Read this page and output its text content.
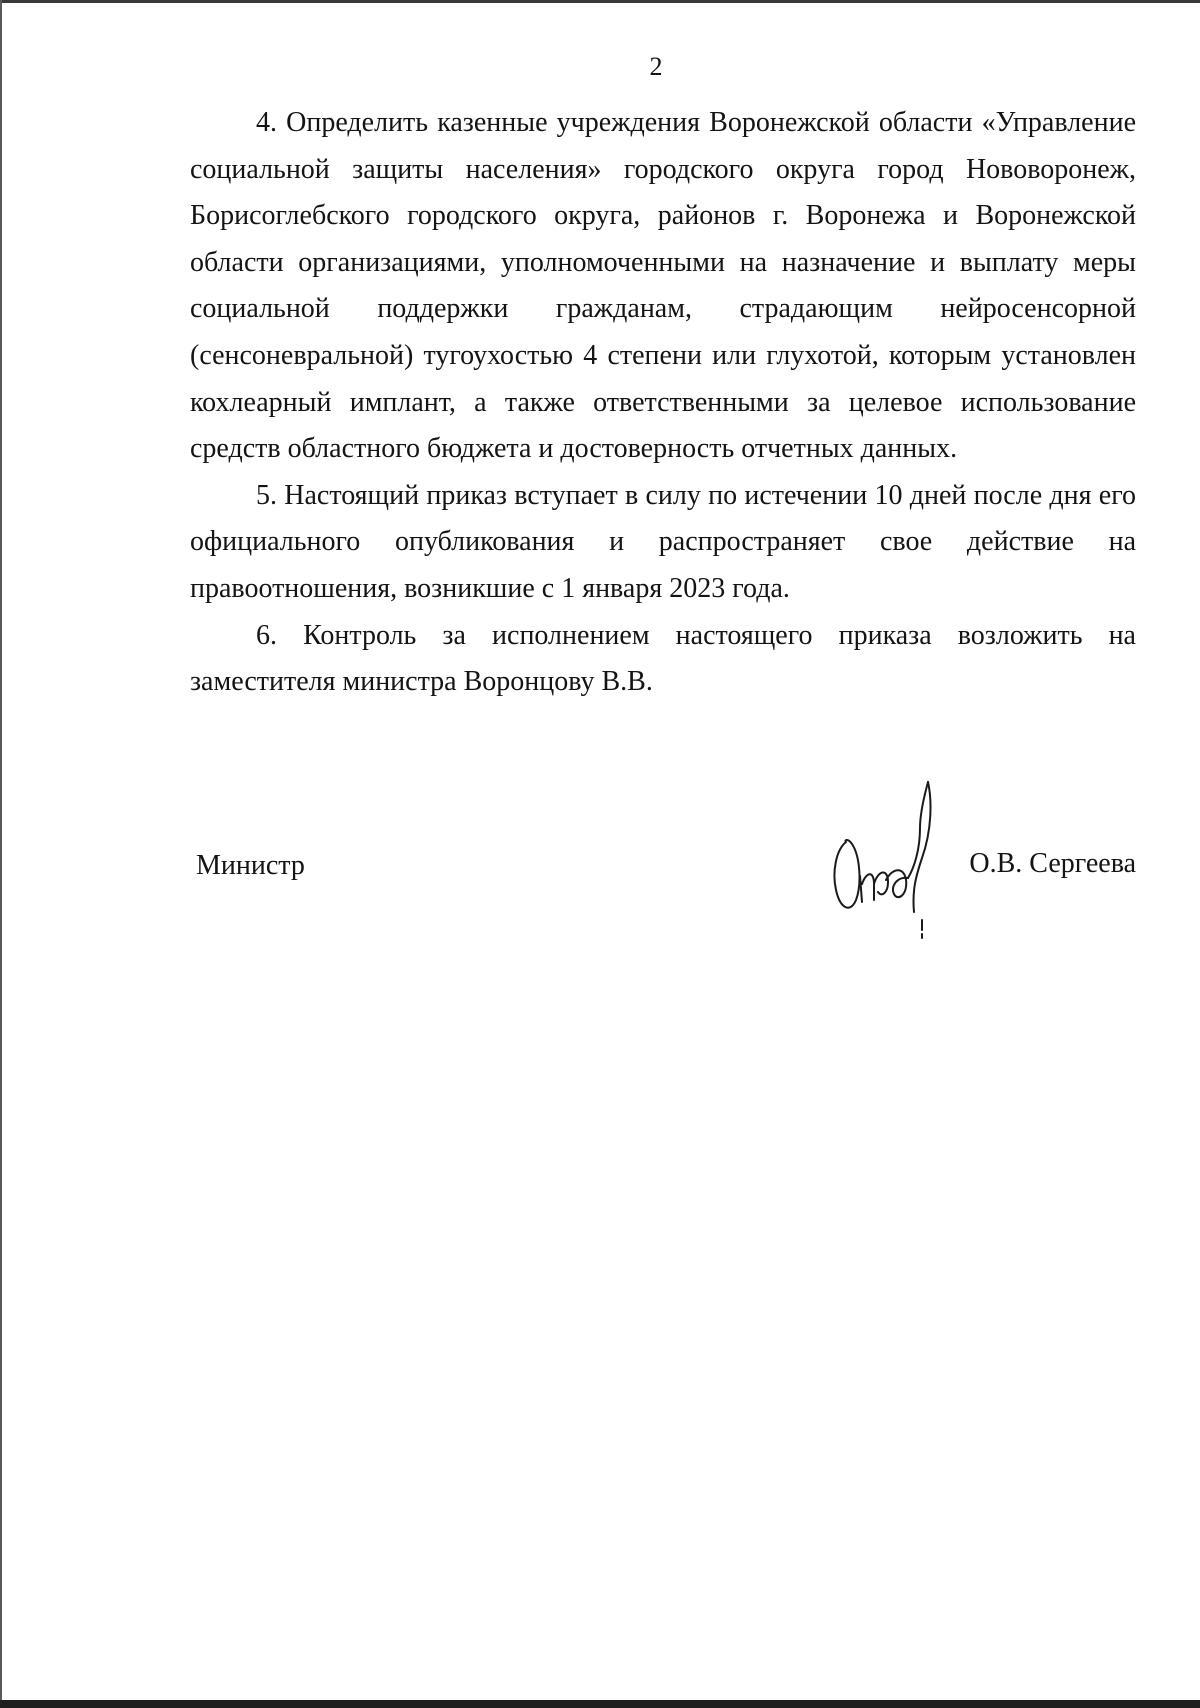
2

4. Определить казенные учреждения Воронежской области «Управление социальной защиты населения» городского округа город Нововоронеж, Борисоглебского городского округа, районов г. Воронежа и Воронежской области организациями, уполномоченными на назначение и выплату меры социальной поддержки гражданам, страдающим нейросенсорной (сенсоневральной) тугоухостью 4 степени или глухотой, которым установлен кохлеарный имплант, а также ответственными за целевое использование средств областного бюджета и достоверность отчетных данных.

5. Настоящий приказ вступает в силу по истечении 10 дней после дня его официального опубликования и распространяет свое действие на правоотношения, возникшие с 1 января 2023 года.

6. Контроль за исполнением настоящего приказа возложить на заместителя министра Воронцову В.В.

Министр	О.В. Сергеева
